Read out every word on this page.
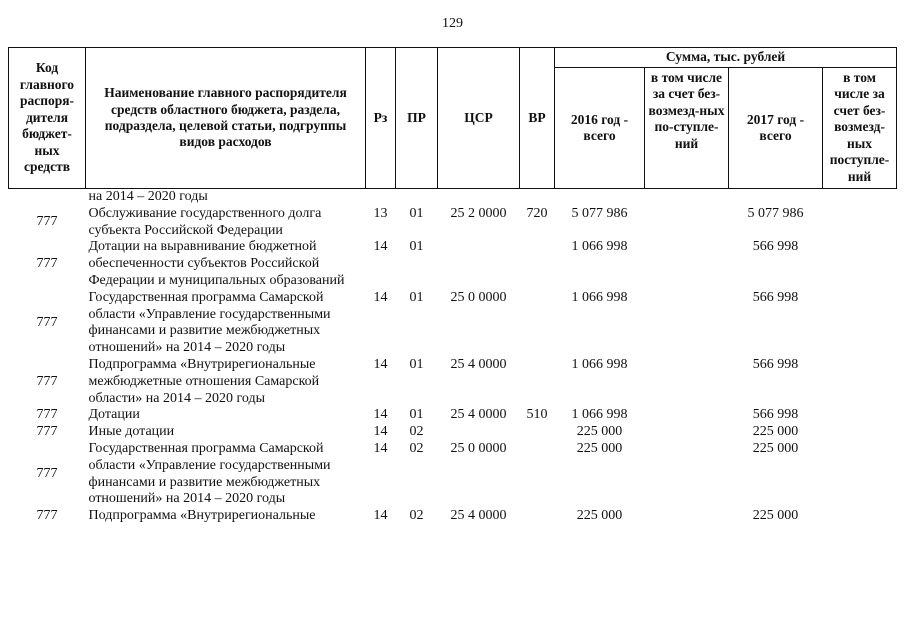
129
Код главного распоря-дителя бюджет-ных средств	Наименование главного распорядителя средств областного бюджета, раздела, подраздела, целевой статьи, подгруппы видов расходов	Рз	ПР	ЦСР	ВР	Сумма, тыс. рублей			
						2016 год - всего	в том числе за счет без-возмезд-ных по-ступле-ний	2017 год - всего	в том числе за счет без-возмезд-ных поступле-ний
	на 2014 – 2020 годы								
777	Обслуживание государственного долга субъекта Российской Федерации	13	01	25 2 0000	720	5 077 986		5 077 986	
777	Дотации на выравнивание бюджетной обеспеченности субъектов Российской Федерации и муниципальных образований	14	01			1 066 998		566 998	
777	Государственная программа Самарской области «Управление государственными финансами и развитие межбюджетных отношений» на 2014 – 2020 годы	14	01	25 0 0000		1 066 998		566 998	
777	Подпрограмма «Внутрирегиональные межбюджетные отношения Самарской области» на 2014 – 2020 годы	14	01	25 4 0000		1 066 998		566 998	
777	Дотации	14	01	25 4 0000	510	1 066 998		566 998	
777	Иные дотации	14	02			225 000		225 000	
777	Государственная программа Самарской области «Управление государственными финансами и развитие межбюджетных отношений» на 2014 – 2020 годы	14	02	25 0 0000		225 000		225 000	
777	Подпрограмма «Внутрирегиональные	14	02	25 4 0000		225 000		225 000	
